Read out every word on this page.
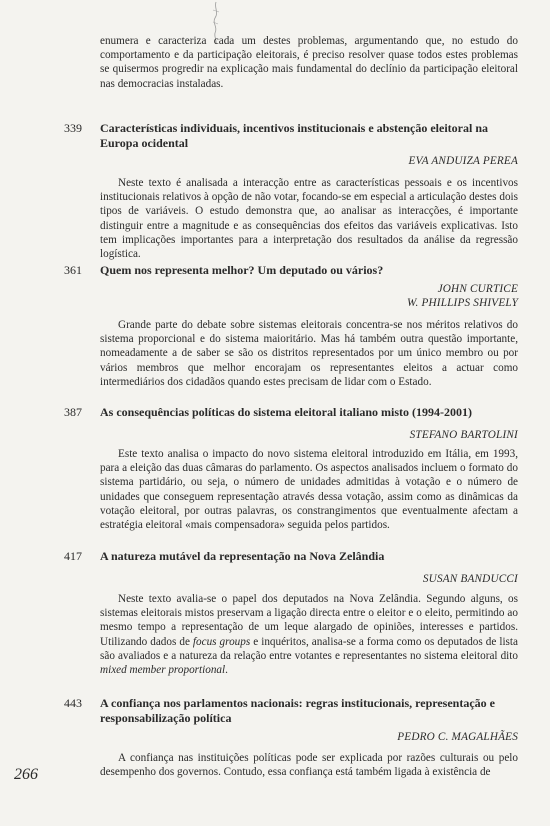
enumera e caracteriza cada um destes problemas, argumentando que, no estudo do comportamento e da participação eleitorais, é preciso resolver quase todos estes problemas se quisermos progredir na explicação mais fundamental do declínio da participação eleitoral nas democracias instaladas.

339 Características individuais, incentivos institucionais e abstenção eleitoral na Europa ocidental
EVA ANDUIZA PEREA

Neste texto é analisada a interacção entre as características pessoais e os incentivos institucionais relativos à opção de não votar, focando-se em especial a articulação destes dois tipos de variáveis. O estudo demonstra que, ao analisar as interacções, é importante distinguir entre a magnitude e as consequências dos efeitos das variáveis explicativas. Isto tem implicações importantes para a interpretação dos resultados da análise da regressão logística.

361 Quem nos representa melhor? Um deputado ou vários?
JOHN CURTICE
W. PHILLIPS SHIVELY

Grande parte do debate sobre sistemas eleitorais concentra-se nos méritos relativos do sistema proporcional e do sistema maioritário. Mas há também outra questão importante, nomeadamente a de saber se são os distritos representados por um único membro ou por vários membros que melhor encorajam os representantes eleitos a actuar como intermediários dos cidadãos quando estes precisam de lidar com o Estado.

387 As consequências políticas do sistema eleitoral italiano misto (1994-2001)
STEFANO BARTOLINI

Este texto analisa o impacto do novo sistema eleitoral introduzido em Itália, em 1993, para a eleição das duas câmaras do parlamento. Os aspectos analisados incluem o formato do sistema partidário, ou seja, o número de unidades admitidas à votação e o número de unidades que conseguem representação através dessa votação, assim como as dinâmicas da votação eleitoral, por outras palavras, os constrangimentos que eventualmente afectam a estratégia eleitoral «mais compensadora» seguida pelos partidos.

417 A natureza mutável da representação na Nova Zelândia
SUSAN BANDUCCI

Neste texto avalia-se o papel dos deputados na Nova Zelândia. Segundo alguns, os sistemas eleitorais mistos preservam a ligação directa entre o eleitor e o eleito, permitindo ao mesmo tempo a representação de um leque alargado de opiniões, interesses e partidos. Utilizando dados de focus groups e inquéritos, analisa-se a forma como os deputados de lista são avaliados e a natureza da relação entre votantes e representantes no sistema eleitoral dito mixed member proportional.

443 A confiança nos parlamentos nacionais: regras institucionais, representação e responsabilização política
PEDRO C. MAGALHÃES

A confiança nas instituições políticas pode ser explicada por razões culturais ou pelo desempenho dos governos. Contudo, essa confiança está também ligada à existência de

266
